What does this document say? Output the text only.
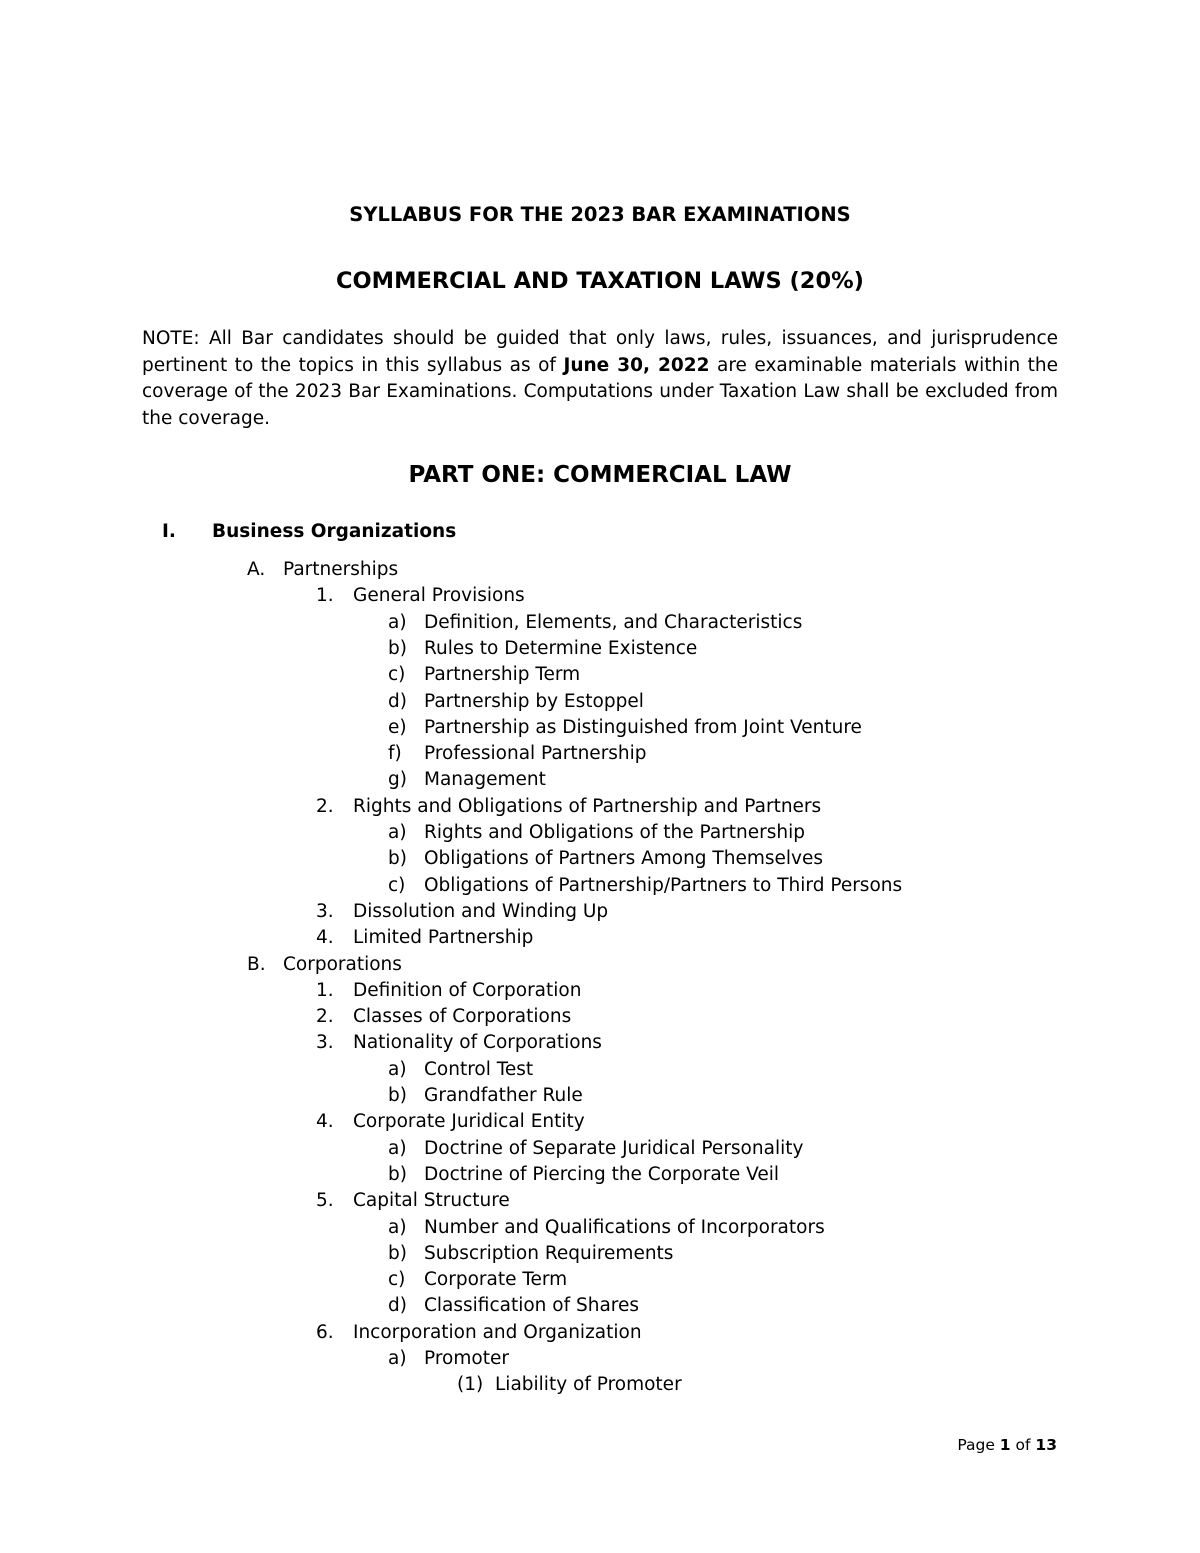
SYLLABUS FOR THE 2023 BAR EXAMINATIONS
COMMERCIAL AND TAXATION LAWS (20%)

NOTE: All Bar candidates should be guided that only laws, rules, issuances, and jurisprudence pertinent to the topics in this syllabus as of June 30, 2022 are examinable materials within the coverage of the 2023 Bar Examinations. Computations under Taxation Law shall be excluded from the coverage.

PART ONE: COMMERCIAL LAW
I. Business Organizations
A. Partnerships
1. General Provisions
a) Definition, Elements, and Characteristics
b) Rules to Determine Existence
c) Partnership Term
d) Partnership by Estoppel
e) Partnership as Distinguished from Joint Venture
f) Professional Partnership
g) Management
2. Rights and Obligations of Partnership and Partners
a) Rights and Obligations of the Partnership
b) Obligations of Partners Among Themselves
c) Obligations of Partnership/Partners to Third Persons
3. Dissolution and Winding Up
4. Limited Partnership
B. Corporations
1. Definition of Corporation
2. Classes of Corporations
3. Nationality of Corporations
a) Control Test
b) Grandfather Rule
4. Corporate Juridical Entity
a) Doctrine of Separate Juridical Personality
b) Doctrine of Piercing the Corporate Veil
5. Capital Structure
a) Number and Qualifications of Incorporators
b) Subscription Requirements
c) Corporate Term
d) Classification of Shares
6. Incorporation and Organization
a) Promoter
(1) Liability of Promoter
Page 1 of 13
